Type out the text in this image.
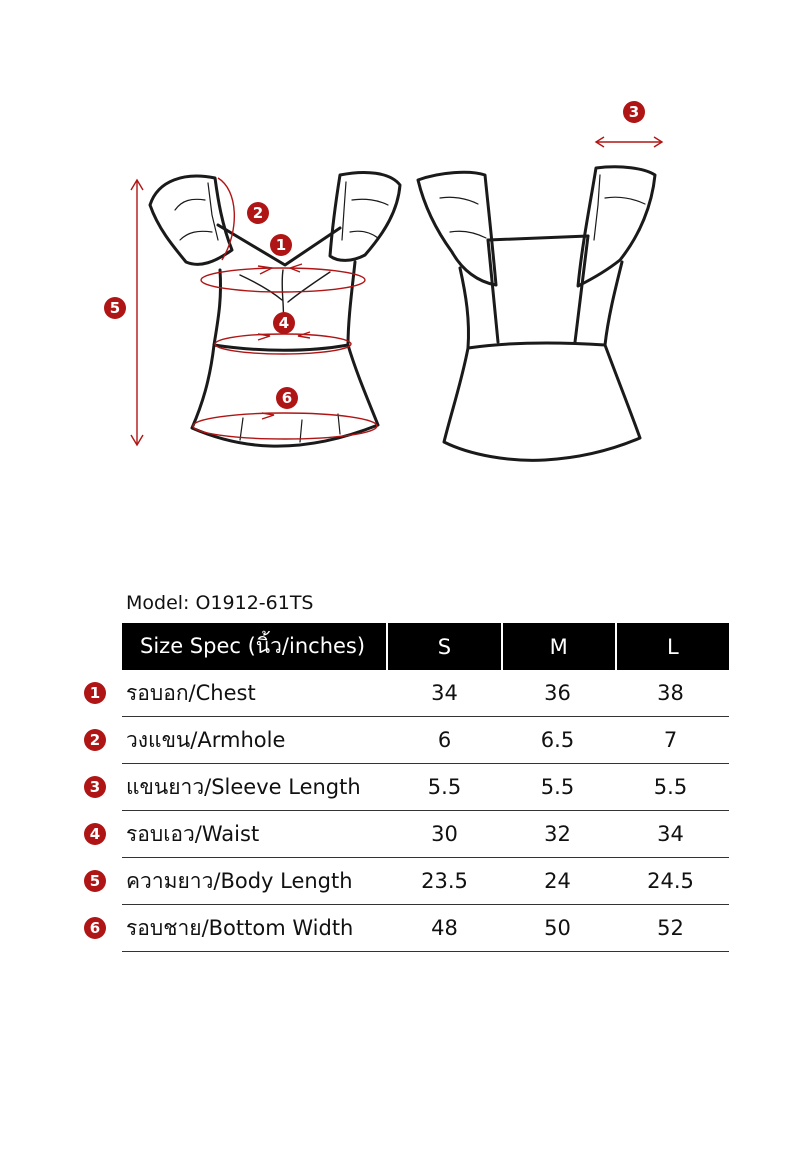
1
2
3
4
5
6
Model: O1912-61TS
Size Spec (นิ้ว/inches)	S	M	L
1 รอบอก/Chest	34	36	38
2 วงแขน/Armhole	6	6.5	7
3 แขนยาว/Sleeve Length	5.5	5.5	5.5
4 รอบเอว/Waist	30	32	34
5 ความยาว/Body Length	23.5	24	24.5
6 รอบชาย/Bottom Width	48	50	52
